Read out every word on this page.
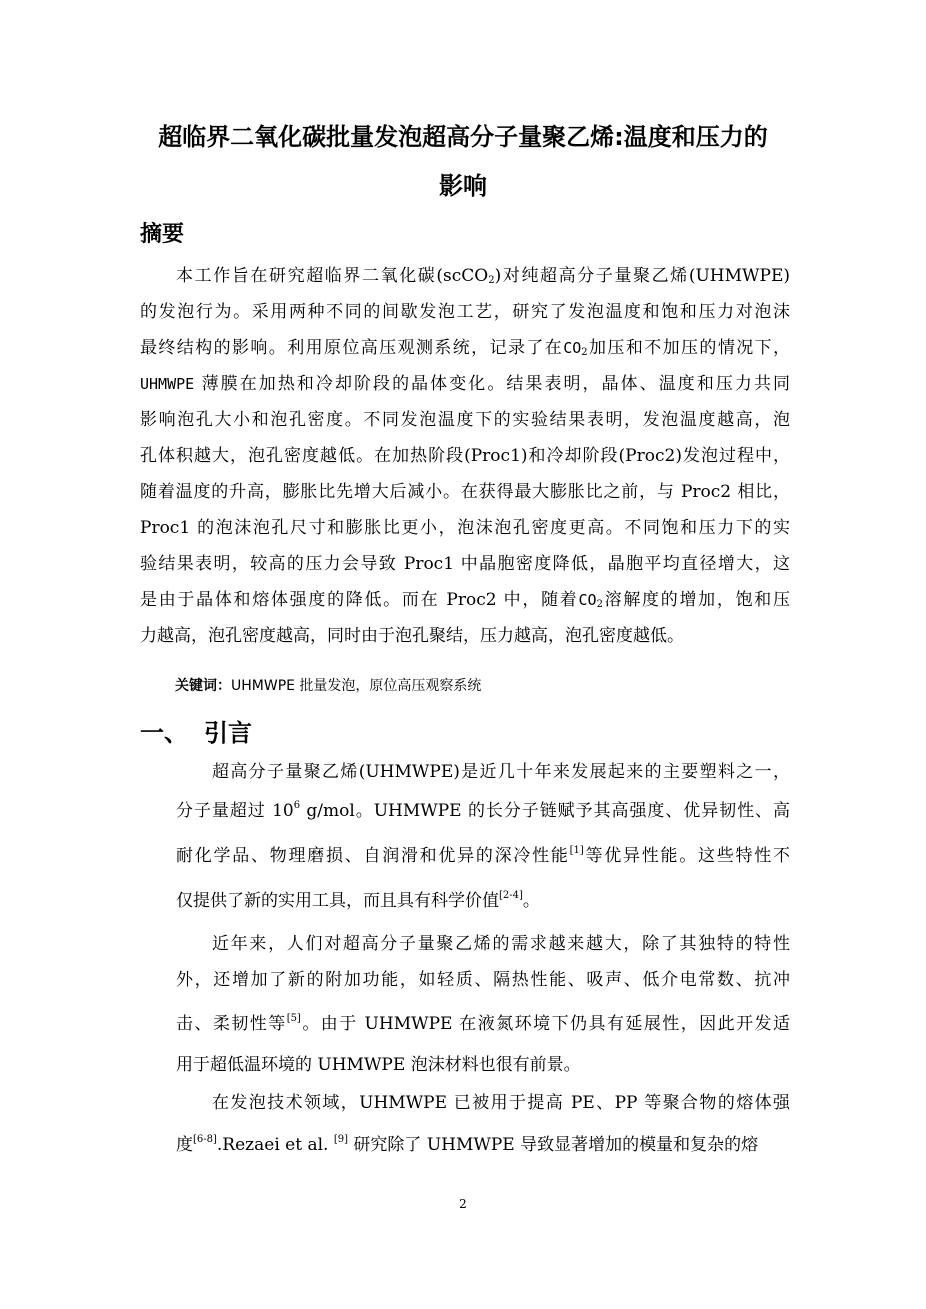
超临界二氧化碳批量发泡超高分子量聚乙烯:温度和压力的
影响
摘要
本工作旨在研究超临界二氧化碳(scCO$_2$)对纯超高分子量聚乙烯(UHMWPE)
的发泡行为。采用两种不同的间歇发泡工艺，研究了发泡温度和饱和压力对泡沫
最终结构的影响。利用原位高压观测系统，记录了在$CO_2$加压和不加压的情况下，
UHMWPE 薄膜在加热和冷却阶段的晶体变化。结果表明，晶体、温度和压力共同
影响泡孔大小和泡孔密度。不同发泡温度下的实验结果表明，发泡温度越高，泡
孔体积越大，泡孔密度越低。在加热阶段(Proc1)和冷却阶段(Proc2)发泡过程中，
随着温度的升高，膨胀比先增大后减小。在获得最大膨胀比之前，与 Proc2 相比，
Proc1 的泡沫泡孔尺寸和膨胀比更小，泡沫泡孔密度更高。不同饱和压力下的实
验结果表明，较高的压力会导致 Proc1 中晶胞密度降低，晶胞平均直径增大，这
是由于晶体和熔体强度的降低。而在 Proc2 中，随着$CO_2$溶解度的增加，饱和压
力越高，泡孔密度越高，同时由于泡孔聚结，压力越高，泡孔密度越低。
关键词：UHMWPE 批量发泡，原位高压观察系统
一、 引言
超高分子量聚乙烯(UHMWPE)是近几十年来发展起来的主要塑料之一，
分子量超过 $10^6$ g/mol。UHMWPE 的长分子链赋予其高强度、优异韧性、高
耐化学品、物理磨损、自润滑和优异的深冷性能[1]等优异性能。这些特性不
仅提供了新的实用工具，而且具有科学价值[2-4]。
近年来，人们对超高分子量聚乙烯的需求越来越大，除了其独特的特性
外，还增加了新的附加功能，如轻质、隔热性能、吸声、低介电常数、抗冲
击、柔韧性等[5]。由于 UHMWPE 在液氮环境下仍具有延展性，因此开发适
用于超低温环境的 UHMWPE 泡沫材料也很有前景。
在发泡技术领域，UHMWPE 已被用于提高 PE、PP 等聚合物的熔体强
度[6-8].Rezaei et al. [9] 研究除了 UHMWPE 导致显著增加的模量和复杂的熔
2
